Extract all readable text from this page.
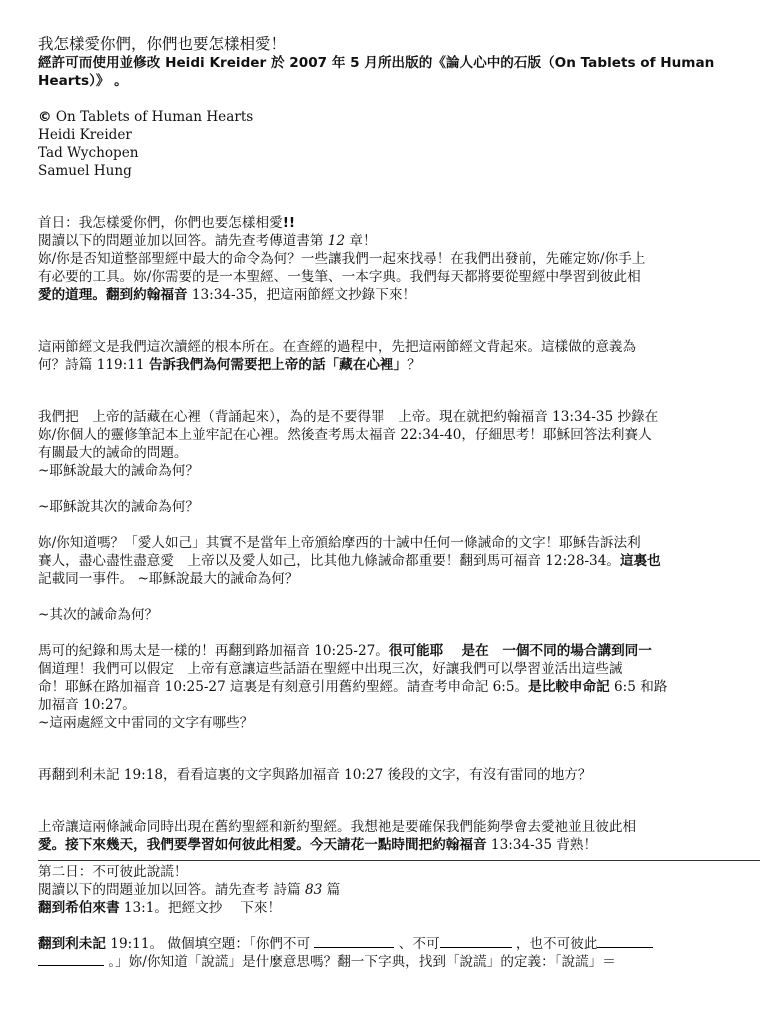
我怎樣愛你們，你們也要怎樣相愛！

經許可而使用並修改 Heidi Kreider 於 2007 年 5 月所出版的《論人心中的石版（On Tablets of Human

Hearts）》 。

© On Tablets of Human Hearts

Heidi Kreider

Tad Wychopen

Samuel Hung

首日：我怎樣愛你們，你們也要怎樣相愛!!

閱讀以下的問題並加以回答。請先查考傳道書第 12 章！

妳/你是否知道整部聖經中最大的命令為何？一些讓我們一起來找尋！在我們出發前，先確定妳/你手上
有必要的工具。妳/你需要的是一本聖經、一隻筆、一本字典。我們每天都將要從聖經中學習到彼此相
愛的道理。翻到約翰福音 13:34-35，把這兩節經文抄錄下來！

這兩節經文是我們這次讀經的根本所在。在查經的過程中，先把這兩節經文背起來。這樣做的意義為
何？詩篇 119:11 告訴我們為何需要把上帝的話「藏在心裡」？

我們把　上帝的話藏在心裡（背誦起來），為的是不要得罪　上帝。現在就把約翰福音 13:34-35 抄錄在
妳/你個人的靈修筆記本上並牢記在心裡。然後查考馬太福音 22:34-40，仔細思考！耶穌回答法利賽人
有關最大的誡命的問題。

~耶穌說最大的誡命為何？

~耶穌說其次的誡命為何？

妳/你知道嗎？「愛人如己」其實不是當年上帝頒給摩西的十誡中任何一條誡命的文字！耶穌告訴法利
賽人，盡心盡性盡意愛　上帝以及愛人如己，比其他九條誡命都重要！翻到馬可福音 12:28-34。這裏也
記載同一事件。 ~耶穌說最大的誡命為何？

~其次的誡命為何？

馬可的紀錄和馬太是一樣的！再翻到路加福音 10:25-27。很可能耶　 是在　一個不同的場合講到同一
個道理！我們可以假定　上帝有意讓這些話語在聖經中出現三次，好讓我們可以學習並活出這些誡
命！耶穌在路加福音 10:25-27 這裏是有刻意引用舊約聖經。請查考申命記 6:5。是比較申命記 6:5 和路
加福音 10:27。

~這兩處經文中雷同的文字有哪些？

再翻到利未記 19:18，看看這裏的文字與路加福音 10:27 後段的文字，有沒有雷同的地方？

上帝讓這兩條誡命同時出現在舊約聖經和新約聖經。我想祂是要確保我們能夠學會去愛祂並且彼此相
愛。接下來幾天，我們要學習如何彼此相愛。今天請花一點時間把約翰福音 13:34-35 背熟！

第二日：不可彼此說謊！

閱讀以下的問題並加以回答。請先查考 詩篇 83 篇

翻到希伯來書 13:1。把經文抄　 下來！

翻到利未記 19:11。 做個填空題：「你們不可	、不可	，也不可彼此
。」妳/你知道「說謊」是什麼意思嗎？翻一下字典，找到「說謊」的定義：「說謊」＝
